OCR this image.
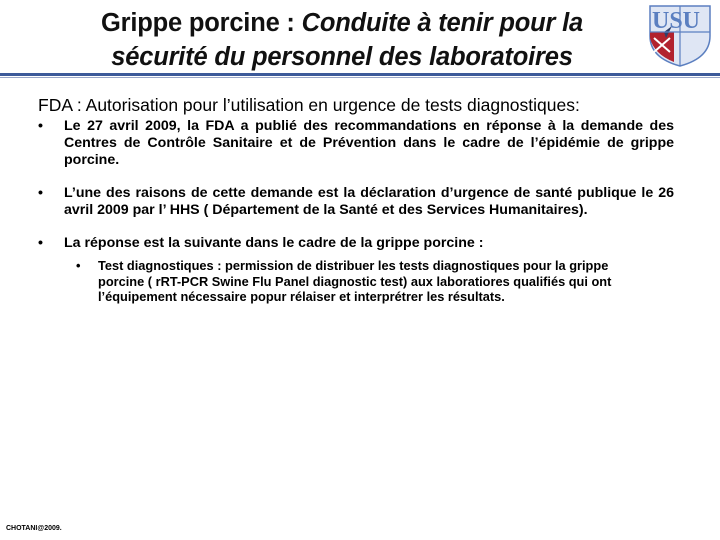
Grippe porcine : Conduite à tenir pour la
sécurité du personnel des laboratoires
USU
FDA : Autorisation pour l’utilisation en urgence de tests diagnostiques:
• Le 27 avril 2009, la FDA a publié des recommandations en réponse à la demande des Centres de Contrôle Sanitaire et de Prévention dans le cadre de l’épidémie de grippe porcine.
• L’une des raisons de cette demande est la déclaration d’urgence de santé publique le 26 avril 2009 par l’ HHS ( Département de la Santé et des Services Humanitaires).
• La réponse est la suivante dans le cadre de la grippe porcine :
• Test diagnostiques : permission de distribuer les tests diagnostiques pour la grippe porcine ( rRT-PCR Swine Flu Panel diagnostic test) aux laboratiores qualifiés qui ont l’équipement nécessaire popur rélaiser et interprétrer les résultats.
CHOTANI@2009.
